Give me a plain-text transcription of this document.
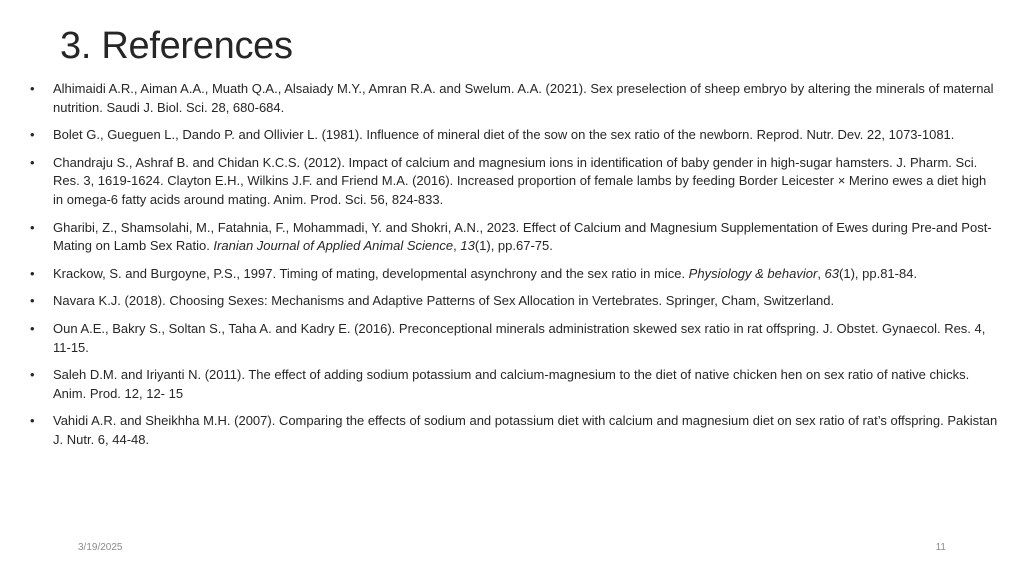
3. References
•	Alhimaidi A.R., Aiman A.A., Muath Q.A., Alsaiady M.Y., Amran R.A. and Swelum. A.A. (2021). Sex preselection of sheep embryo by altering the minerals of maternal nutrition. Saudi J. Biol. Sci. 28, 680-684.
•	Bolet G., Gueguen L., Dando P. and Ollivier L. (1981). Influence of mineral diet of the sow on the sex ratio of the newborn. Reprod. Nutr. Dev. 22, 1073-1081.
•	Chandraju S., Ashraf B. and Chidan K.C.S. (2012). Impact of calcium and magnesium ions in identification of baby gender in high-sugar hamsters. J. Pharm. Sci. Res. 3, 1619-1624. Clayton E.H., Wilkins J.F. and Friend M.A. (2016). Increased proportion of female lambs by feeding Border Leicester × Merino ewes a diet high in omega-6 fatty acids around mating. Anim. Prod. Sci. 56, 824-833.
•	Gharibi, Z., Shamsolahi, M., Fatahnia, F., Mohammadi, Y. and Shokri, A.N., 2023. Effect of Calcium and Magnesium Supplementation of Ewes during Pre-and Post-Mating on Lamb Sex Ratio. Iranian Journal of Applied Animal Science, 13(1), pp.67-75.
•	Krackow, S. and Burgoyne, P.S., 1997. Timing of mating, developmental asynchrony and the sex ratio in mice. Physiology & behavior, 63(1), pp.81-84.
•	Navara K.J. (2018). Choosing Sexes: Mechanisms and Adaptive Patterns of Sex Allocation in Vertebrates. Springer, Cham, Switzerland.
•	Oun A.E., Bakry S., Soltan S., Taha A. and Kadry E. (2016). Preconceptional minerals administration skewed sex ratio in rat offspring. J. Obstet. Gynaecol. Res. 4, 11-15.
•	Saleh D.M. and Iriyanti N. (2011). The effect of adding sodium potassium and calcium-magnesium to the diet of native chicken hen on sex ratio of native chicks. Anim. Prod. 12, 12- 15
•	Vahidi A.R. and Sheikhha M.H. (2007). Comparing the effects of sodium and potassium diet with calcium and magnesium diet on sex ratio of rat’s offspring. Pakistan J. Nutr. 6, 44-48.
3/19/2025	11
